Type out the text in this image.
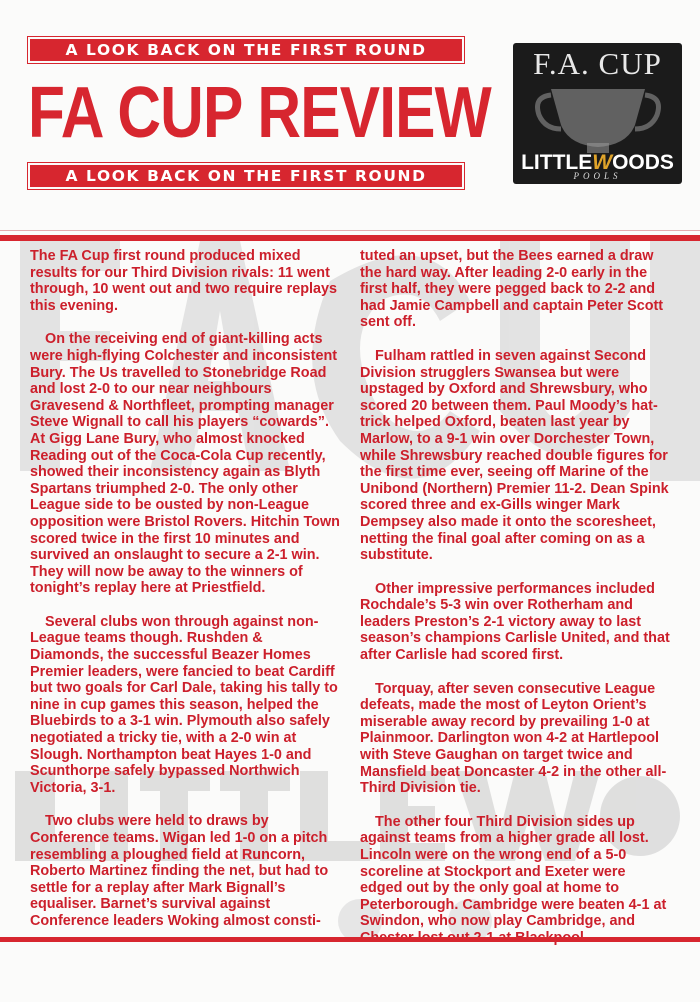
A LOOK BACK ON THE FIRST ROUND
FA CUP REVIEW
A LOOK BACK ON THE FIRST ROUND
F.A. CUP
LITTLEWOODS
POOLS

The FA Cup first round produced mixed results for our Third Division rivals: 11 went through, 10 went out and two require replays this evening.

On the receiving end of giant-killing acts were high-flying Colchester and inconsistent Bury. The Us travelled to Stonebridge Road and lost 2-0 to our near neighbours Gravesend & Northfleet, prompting manager Steve Wignall to call his players “cowards”. At Gigg Lane Bury, who almost knocked Reading out of the Coca-Cola Cup recently, showed their inconsistency again as Blyth Spartans triumphed 2-0. The only other League side to be ousted by non-League opposition were Bristol Rovers. Hitchin Town scored twice in the first 10 minutes and survived an onslaught to secure a 2-1 win. They will now be away to the winners of tonight’s replay here at Priestfield.

Several clubs won through against non-League teams though. Rushden & Diamonds, the successful Beazer Homes Premier leaders, were fancied to beat Cardiff but two goals for Carl Dale, taking his tally to nine in cup games this season, helped the Bluebirds to a 3-1 win. Plymouth also safely negotiated a tricky tie, with a 2-0 win at Slough. Northampton beat Hayes 1-0 and Scunthorpe safely bypassed Northwich Victoria, 3-1.

Two clubs were held to draws by Conference teams. Wigan led 1-0 on a pitch resembling a ploughed field at Runcorn, Roberto Martinez finding the net, but had to settle for a replay after Mark Bignall’s equaliser. Barnet’s survival against Conference leaders Woking almost consti-

tuted an upset, but the Bees earned a draw the hard way. After leading 2-0 early in the first half, they were pegged back to 2-2 and had Jamie Campbell and captain Peter Scott sent off.

Fulham rattled in seven against Second Division strugglers Swansea but were upstaged by Oxford and Shrewsbury, who scored 20 between them. Paul Moody’s hat-trick helped Oxford, beaten last year by Marlow, to a 9-1 win over Dorchester Town, while Shrewsbury reached double figures for the first time ever, seeing off Marine of the Unibond (Northern) Premier 11-2. Dean Spink scored three and ex-Gills winger Mark Dempsey also made it onto the scoresheet, netting the final goal after coming on as a substitute.

Other impressive performances included Rochdale’s 5-3 win over Rotherham and leaders Preston’s 2-1 victory away to last season’s champions Carlisle United, and that after Carlisle had scored first.

Torquay, after seven consecutive League defeats, made the most of Leyton Orient’s miserable away record by prevailing 1-0 at Plainmoor. Darlington won 4-2 at Hartlepool with Steve Gaughan on target twice and Mansfield beat Doncaster 4-2 in the other all-Third Division tie.

The other four Third Division sides up against teams from a higher grade all lost. Lincoln were on the wrong end of a 5-0 scoreline at Stockport and Exeter were edged out by the only goal at home to Peterborough. Cambridge were beaten 4-1 at Swindon, who now play Cambridge, and
